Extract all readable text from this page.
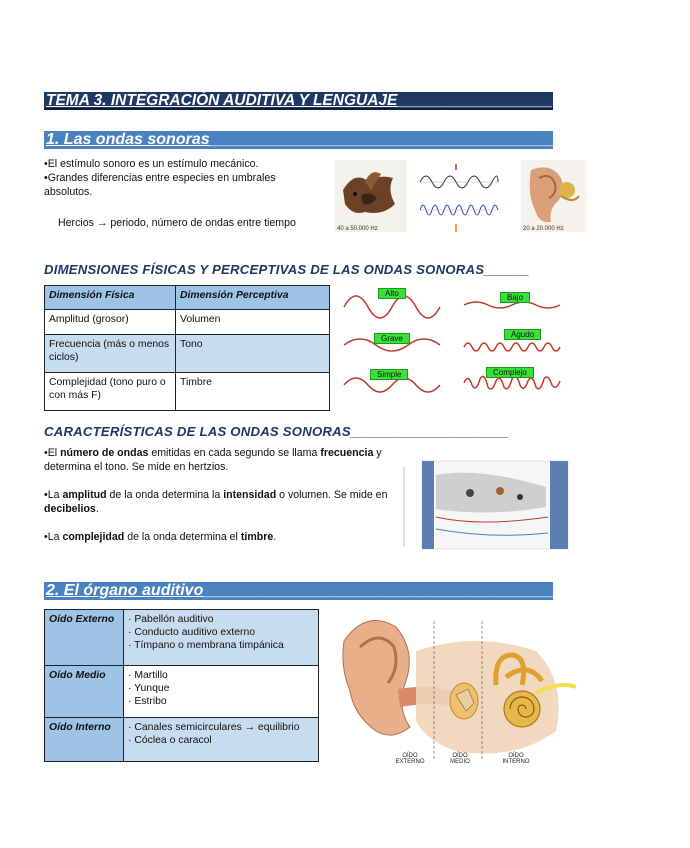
TEMA 3. INTEGRACIÓN AUDITIVA Y LENGUAJE__________________
1. Las ondas sonoras______________________________________________________
•El estímulo sonoro es un estímulo mecánico.
•Grandes diferencias entre especies en umbrales absolutos.
Hercios → periodo, número de ondas entre tiempo	40 a 50.000 Hz	20 a 20.000 Hz
DIMENSIONES FÍSICAS Y PERCEPTIVAS DE LAS ONDAS SONORAS______
Dimensión Física	Dimensión Perceptiva
Amplitud (grosor)	Volumen
Frecuencia (más o menos ciclos)	Tono
Complejidad (tono puro o con más F)	Timbre
Alto	Bajo
Grave	Agudo
Simple	Complejo
CARACTERÍSTICAS DE LAS ONDAS SONORAS_____________________
•El número de ondas emitidas en cada segundo se llama frecuencia y determina el tono. Se mide en hertzios.
•La amplitud de la onda determina la intensidad o volumen. Se mide en decibelios.
•La complejidad de la onda determina el timbre.
2. El órgano auditivo________________________________________________
Oído Externo	· Pabellón auditivo
· Conducto auditivo externo
· Tímpano o membrana timpánica

Oído Medio	· Martillo
· Yunque
· Estribo

Oído Interno	· Canales semicirculares → equilibrio
· Cóclea o caracol
OÍDO EXTERNO
OÍDO MEDIO
OÍDO INTERNO
